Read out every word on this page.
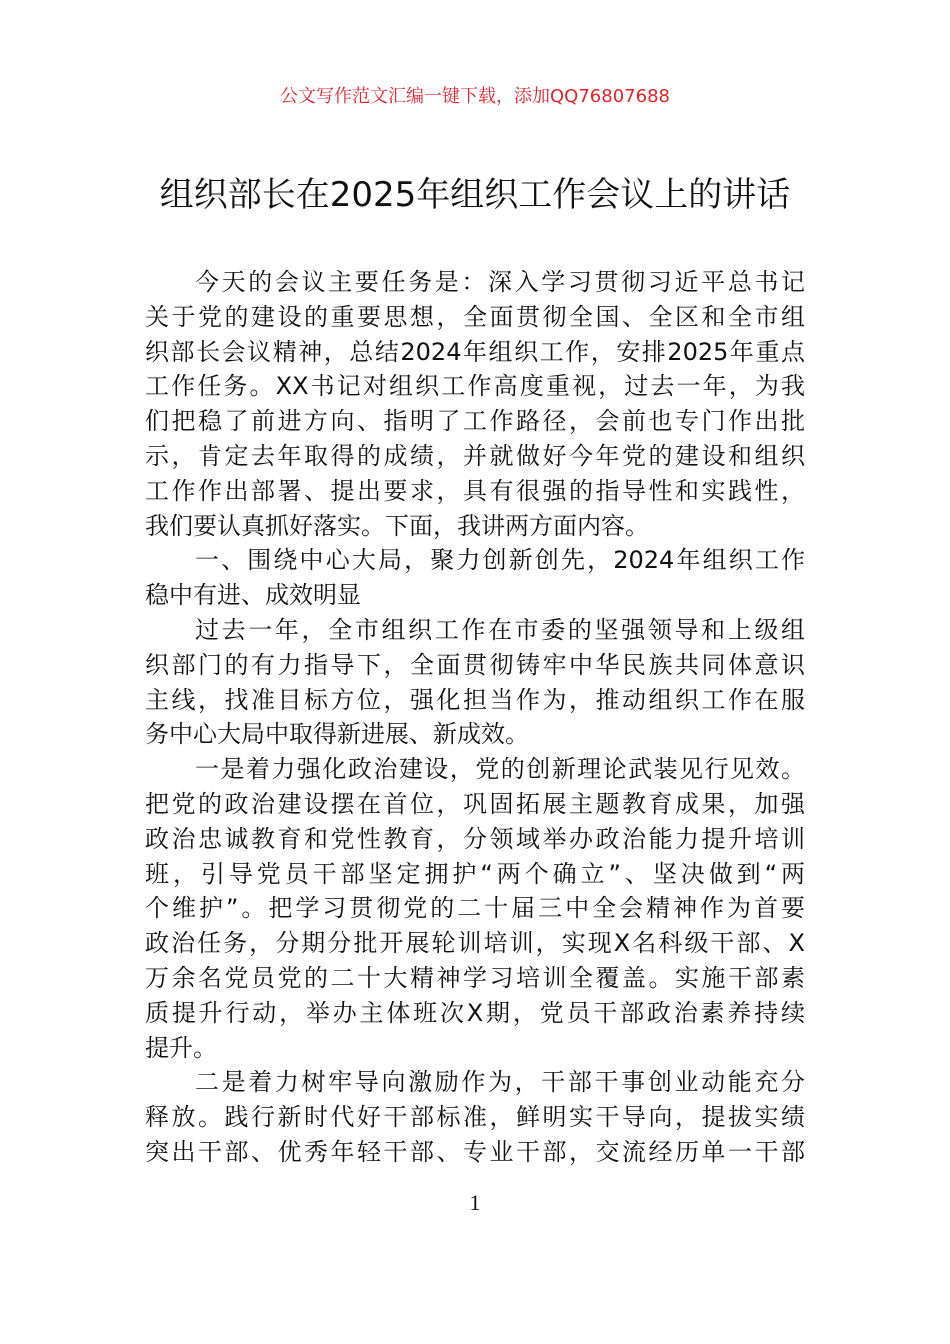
公文写作范文汇编一键下载，添加QQ76807688
组织部长在2025年组织工作会议上的讲话
今天的会议主要任务是：深入学习贯彻习近平总书记
关于党的建设的重要思想，全面贯彻全国、全区和全市组
织部长会议精神，总结2024年组织工作，安排2025年重点
工作任务。XX书记对组织工作高度重视，过去一年，为我
们把稳了前进方向、指明了工作路径，会前也专门作出批
示，肯定去年取得的成绩，并就做好今年党的建设和组织
工作作出部署、提出要求，具有很强的指导性和实践性，
我们要认真抓好落实。下面，我讲两方面内容。
一、围绕中心大局，聚力创新创先，2024年组织工作
稳中有进、成效明显
过去一年，全市组织工作在市委的坚强领导和上级组
织部门的有力指导下，全面贯彻铸牢中华民族共同体意识
主线，找准目标方位，强化担当作为，推动组织工作在服
务中心大局中取得新进展、新成效。
一是着力强化政治建设，党的创新理论武装见行见效。
把党的政治建设摆在首位，巩固拓展主题教育成果，加强
政治忠诚教育和党性教育，分领域举办政治能力提升培训
班，引导党员干部坚定拥护“两个确立”、坚决做到“两
个维护”。把学习贯彻党的二十届三中全会精神作为首要
政治任务，分期分批开展轮训培训，实现X名科级干部、X
万余名党员党的二十大精神学习培训全覆盖。实施干部素
质提升行动，举办主体班次X期，党员干部政治素养持续
提升。
二是着力树牢导向激励作为，干部干事创业动能充分
释放。践行新时代好干部标准，鲜明实干导向，提拔实绩
突出干部、优秀年轻干部、专业干部，交流经历单一干部
1
